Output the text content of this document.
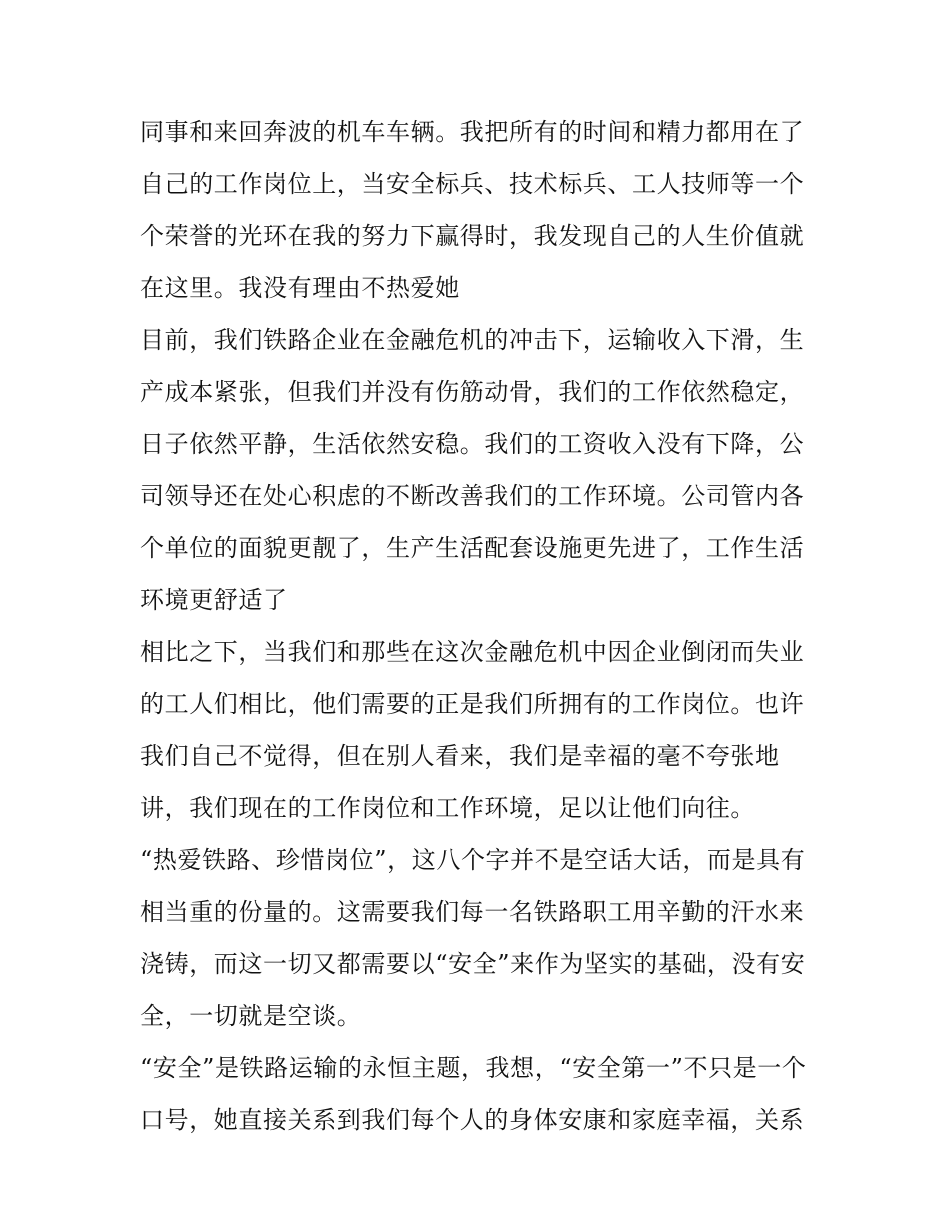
同事和来回奔波的机车车辆。我把所有的时间和精力都用在了
自己的工作岗位上，当安全标兵、技术标兵、工人技师等一个
个荣誉的光环在我的努力下赢得时，我发现自己的人生价值就
在这里。我没有理由不热爱她
目前，我们铁路企业在金融危机的冲击下，运输收入下滑，生
产成本紧张，但我们并没有伤筋动骨，我们的工作依然稳定，
日子依然平静，生活依然安稳。我们的工资收入没有下降，公
司领导还在处心积虑的不断改善我们的工作环境。公司管内各
个单位的面貌更靓了，生产生活配套设施更先进了，工作生活
环境更舒适了
相比之下，当我们和那些在这次金融危机中因企业倒闭而失业
的工人们相比，他们需要的正是我们所拥有的工作岗位。也许
我们自己不觉得，但在别人看来，我们是幸福的毫不夸张地
讲，我们现在的工作岗位和工作环境，足以让他们向往。
“热爱铁路、珍惜岗位”，这八个字并不是空话大话，而是具有
相当重的份量的。这需要我们每一名铁路职工用辛勤的汗水来
浇铸，而这一切又都需要以“安全”来作为坚实的基础，没有安
全，一切就是空谈。
“安全”是铁路运输的永恒主题，我想，“安全第一”不只是一个
口号，她直接关系到我们每个人的身体安康和家庭幸福，关系
